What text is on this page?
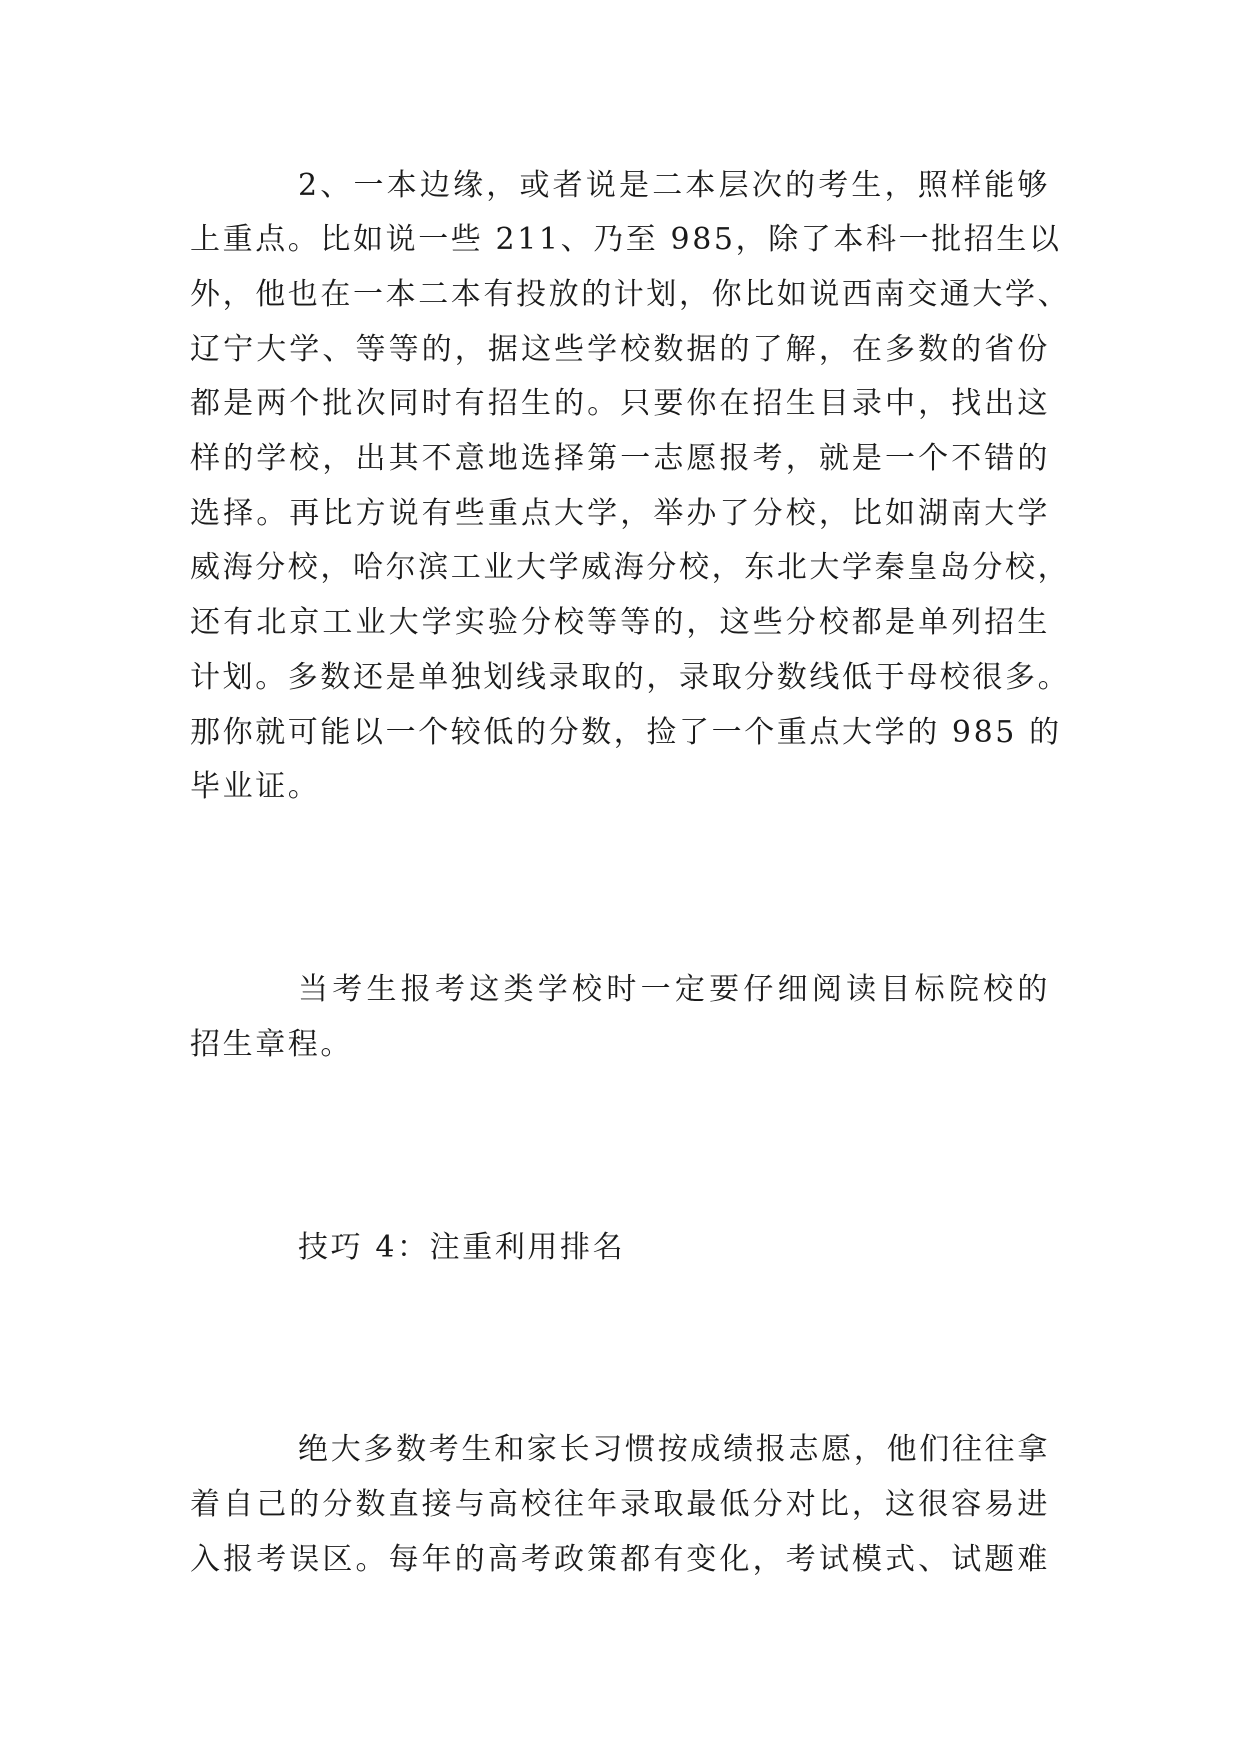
2、一本边缘，或者说是二本层次的考生，照样能够
上重点。比如说一些 211、乃至 985，除了本科一批招生以
外，他也在一本二本有投放的计划，你比如说西南交通大学、
辽宁大学、等等的，据这些学校数据的了解，在多数的省份
都是两个批次同时有招生的。只要你在招生目录中，找出这
样的学校，出其不意地选择第一志愿报考，就是一个不错的
选择。再比方说有些重点大学，举办了分校，比如湖南大学
威海分校，哈尔滨工业大学威海分校，东北大学秦皇岛分校，
还有北京工业大学实验分校等等的，这些分校都是单列招生
计划。多数还是单独划线录取的，录取分数线低于母校很多。
那你就可能以一个较低的分数，捡了一个重点大学的 985 的
毕业证。
当考生报考这类学校时一定要仔细阅读目标院校的
招生章程。
技巧 4：注重利用排名
绝大多数考生和家长习惯按成绩报志愿，他们往往拿
着自己的分数直接与高校往年录取最低分对比，这很容易进
入报考误区。每年的高考政策都有变化，考试模式、试题难
